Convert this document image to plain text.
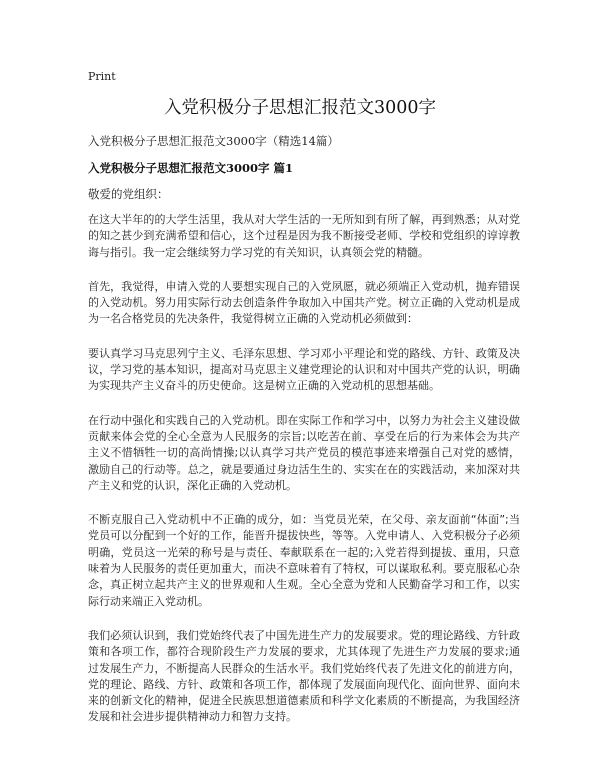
Print
入党积极分子思想汇报范文3000字
入党积极分子思想汇报范文3000字（精选14篇）
入党积极分子思想汇报范文3000字 篇1
敬爱的党组织：

在这大半年的的大学生活里，我从对大学生活的一无所知到有所了解，再到熟悉；从对党的知之甚少到充满希望和信心，这个过程是因为我不断接受老师、学校和党组织的谆谆教诲与指引。我一定会继续努力学习党的有关知识，认真领会党的精髓。

首先，我觉得，申请入党的人要想实现自己的入党夙愿，就必须端正入党动机，抛弃错误的入党动机。努力用实际行动去创造条件争取加入中国共产党。树立正确的入党动机是成为一名合格党员的先决条件，我觉得树立正确的入党动机必须做到：

要认真学习马克思列宁主义、毛泽东思想、学习邓小平理论和党的路线、方针、政策及决议，学习党的基本知识，提高对马克思主义建党理论的认识和对中国共产党的认识，明确为实现共产主义奋斗的历史使命。这是树立正确的入党动机的思想基础。

在行动中强化和实践自己的入党动机。即在实际工作和学习中，以努力为社会主义建设做贡献来体会党的全心全意为人民服务的宗旨;以吃苦在前、享受在后的行为来体会为共产主义不惜牺牲一切的高尚情操;以认真学习共产党员的模范事迹来增强自己对党的感情，激励自己的行动等。总之，就是要通过身边活生生的、实实在在的实践活动，来加深对共产主义和党的认识，深化正确的入党动机。

不断克服自己入党动机中不正确的成分，如：当党员光荣，在父母、亲友面前“体面”;当党员可以分配到一个好的工作，能晋升提拔快些，等等。入党申请人、入党积极分子必须明确，党员这一光荣的称号是与责任、奉献联系在一起的;入党若得到提拔、重用，只意味着为人民服务的责任更加重大，而决不意味着有了特权，可以谋取私利。要克服私心杂念，真正树立起共产主义的世界观和人生观。全心全意为党和人民勤奋学习和工作，以实际行动来端正入党动机。

我们必须认识到，我们党始终代表了中国先进生产力的发展要求。党的理论路线、方针政策和各项工作，都符合现阶段生产力发展的要求，尤其体现了先进生产力发展的要求;通过发展生产力，不断提高人民群众的生活水平。我们党始终代表了先进文化的前进方向，党的理论、路线、方针、政策和各项工作，都体现了发展面向现代化、面向世界、面向未来的创新文化的精神，促进全民族思想道德素质和科学文化素质的不断提高，为我国经济发展和社会进步提供精神动力和智力支持。
